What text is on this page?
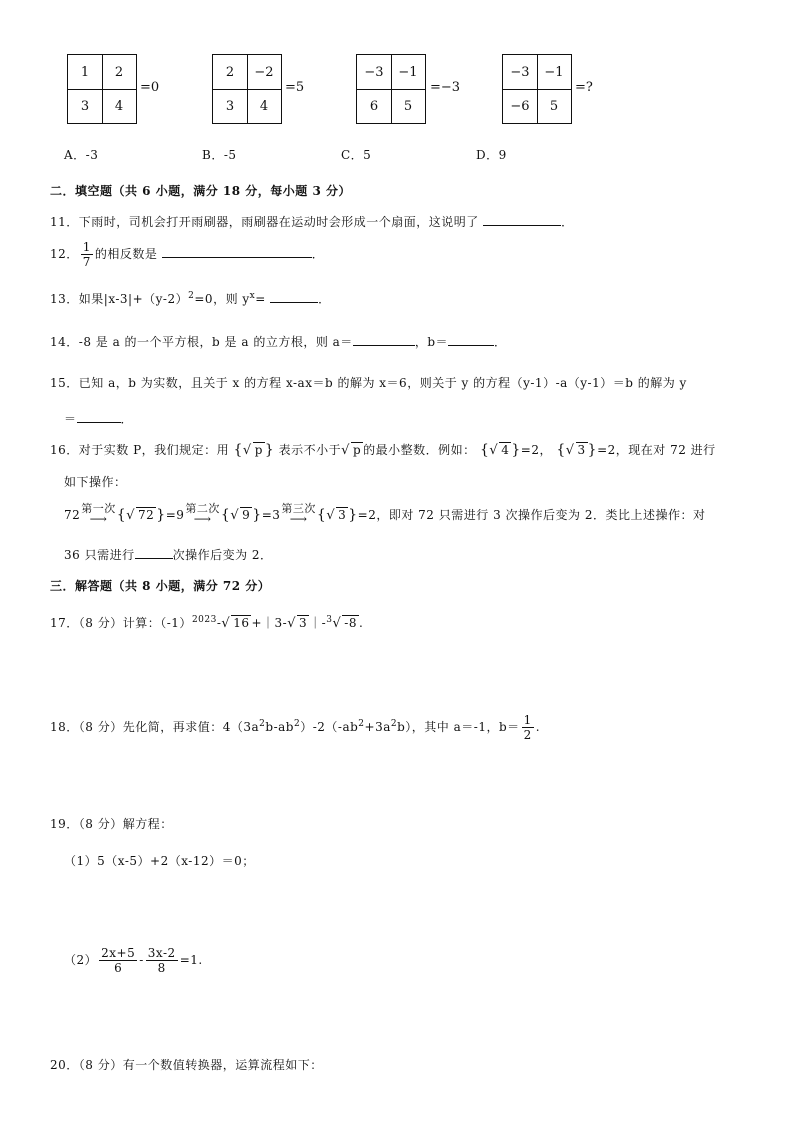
1	2
3	4
=0
2	−2
3	4
=5
−3	−1
6	5
=−3
−3	−1
−6	5
=?
A．-3	B．-5	C．5	D．9
二．填空题（共 6 小题，满分 18 分，每小题 3 分）
11．下雨时，司机会打开雨刷器，雨刷器在运动时会形成一个扇面，这说明了	．
12． $\frac{1}{7}$ 的相反数是	．
13．如果$|x-3|+(y-2)^2=0$，则 $y^x=$	．
14．-8 是 a 的一个平方根，b 是 a 的立方根，则 a＝	，b＝	．
15．已知 a，b 为实数，且关于 x 的方程 x-ax＝b 的解为 x＝6，则关于 y 的方程（y-1）-a（y-1）＝b 的解为 y
＝	．
16．对于实数 P，我们规定：用 {√ p } 表示不小于√ p 的最小整数．例如： {√ 4 }=2， {√ 3 }=2，现在对 72 进行
如下操作：
72 第一次
⟶ {√ 72 }=9 第二次
⟶ {√ 9 }=3 第三次
⟶ {√ 3 }=2，即对 72 只需进行 3 次操作后变为 2．类比上述操作：对
36 只需进行	次操作后变为 2．
三．解答题（共 8 小题，满分 72 分）
17．（8 分）计算：$(-1)^{2023}-√$ 16 +｜3-√ 3 ｜-$^3$√ -8 .
18．（8 分）先化简，再求值：$4(3a^2b-ab^2)-2(-ab^2+3a^2b)$，其中 a＝-1，$b= \frac{1}{2}$ .
19．（8 分）解方程：
（1）5（x-5）+2（x-12）＝0；
$(2) \frac{2x+5}{6} - \frac{3x-2}{8} =1$.
20．（8 分）有一个数值转换器，运算流程如下：
